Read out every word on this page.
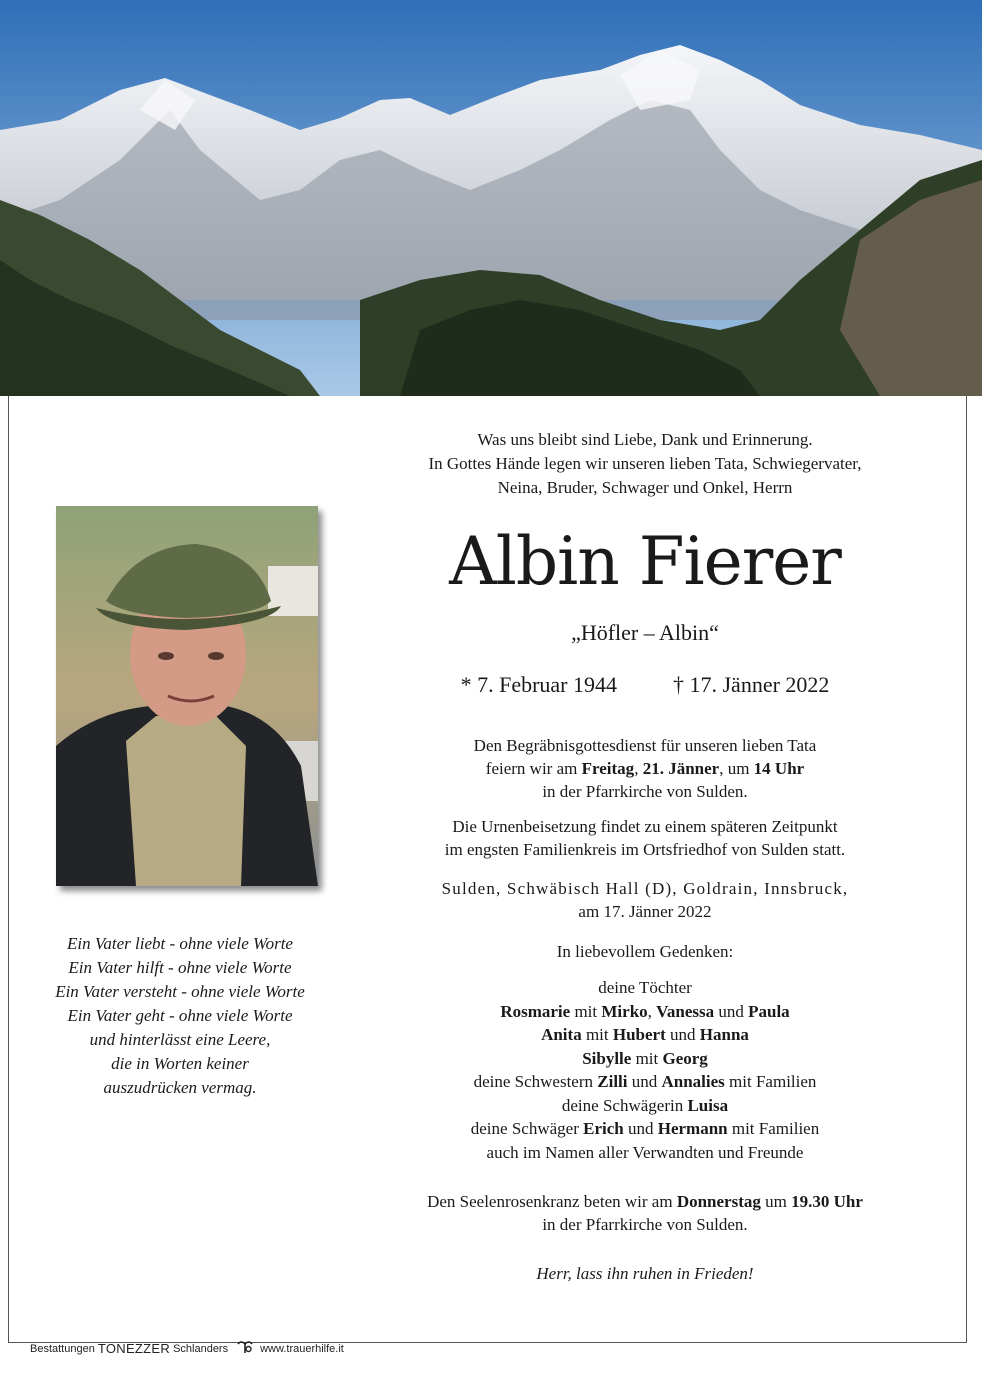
Ein Vater liebt - ohne viele Worte
Ein Vater hilft - ohne viele Worte
Ein Vater versteht - ohne viele Worte
Ein Vater geht - ohne viele Worte
und hinterlässt eine Leere,
die in Worten keiner
auszudrücken vermag.
Was uns bleibt sind Liebe, Dank und Erinnerung.
In Gottes Hände legen wir unseren lieben Tata, Schwiegervater,
Neina, Bruder, Schwager und Onkel, Herrn
Albin Fierer
„Höfler – Albin“
* 7. Februar 1944	† 17. Jänner 2022
Den Begräbnisgottesdienst für unseren lieben Tata
feiern wir am Freitag, 21. Jänner, um 14 Uhr
in der Pfarrkirche von Sulden.
Die Urnenbeisetzung findet zu einem späteren Zeitpunkt
im engsten Familienkreis im Ortsfriedhof von Sulden statt.
Sulden, Schwäbisch Hall (D), Goldrain, Innsbruck,
am 17. Jänner 2022
In liebevollem Gedenken:
deine Töchter
Rosmarie mit Mirko, Vanessa und Paula
Anita mit Hubert und Hanna
Sibylle mit Georg
deine Schwestern Zilli und Annalies mit Familien
deine Schwägerin Luisa
deine Schwäger Erich und Hermann mit Familien
auch im Namen aller Verwandten und Freunde
Den Seelenrosenkranz beten wir am Donnerstag um 19.30 Uhr
in der Pfarrkirche von Sulden.
Herr, lass ihn ruhen in Frieden!
Bestattungen TONEZZER Schlanders	www.trauerhilfe.it
